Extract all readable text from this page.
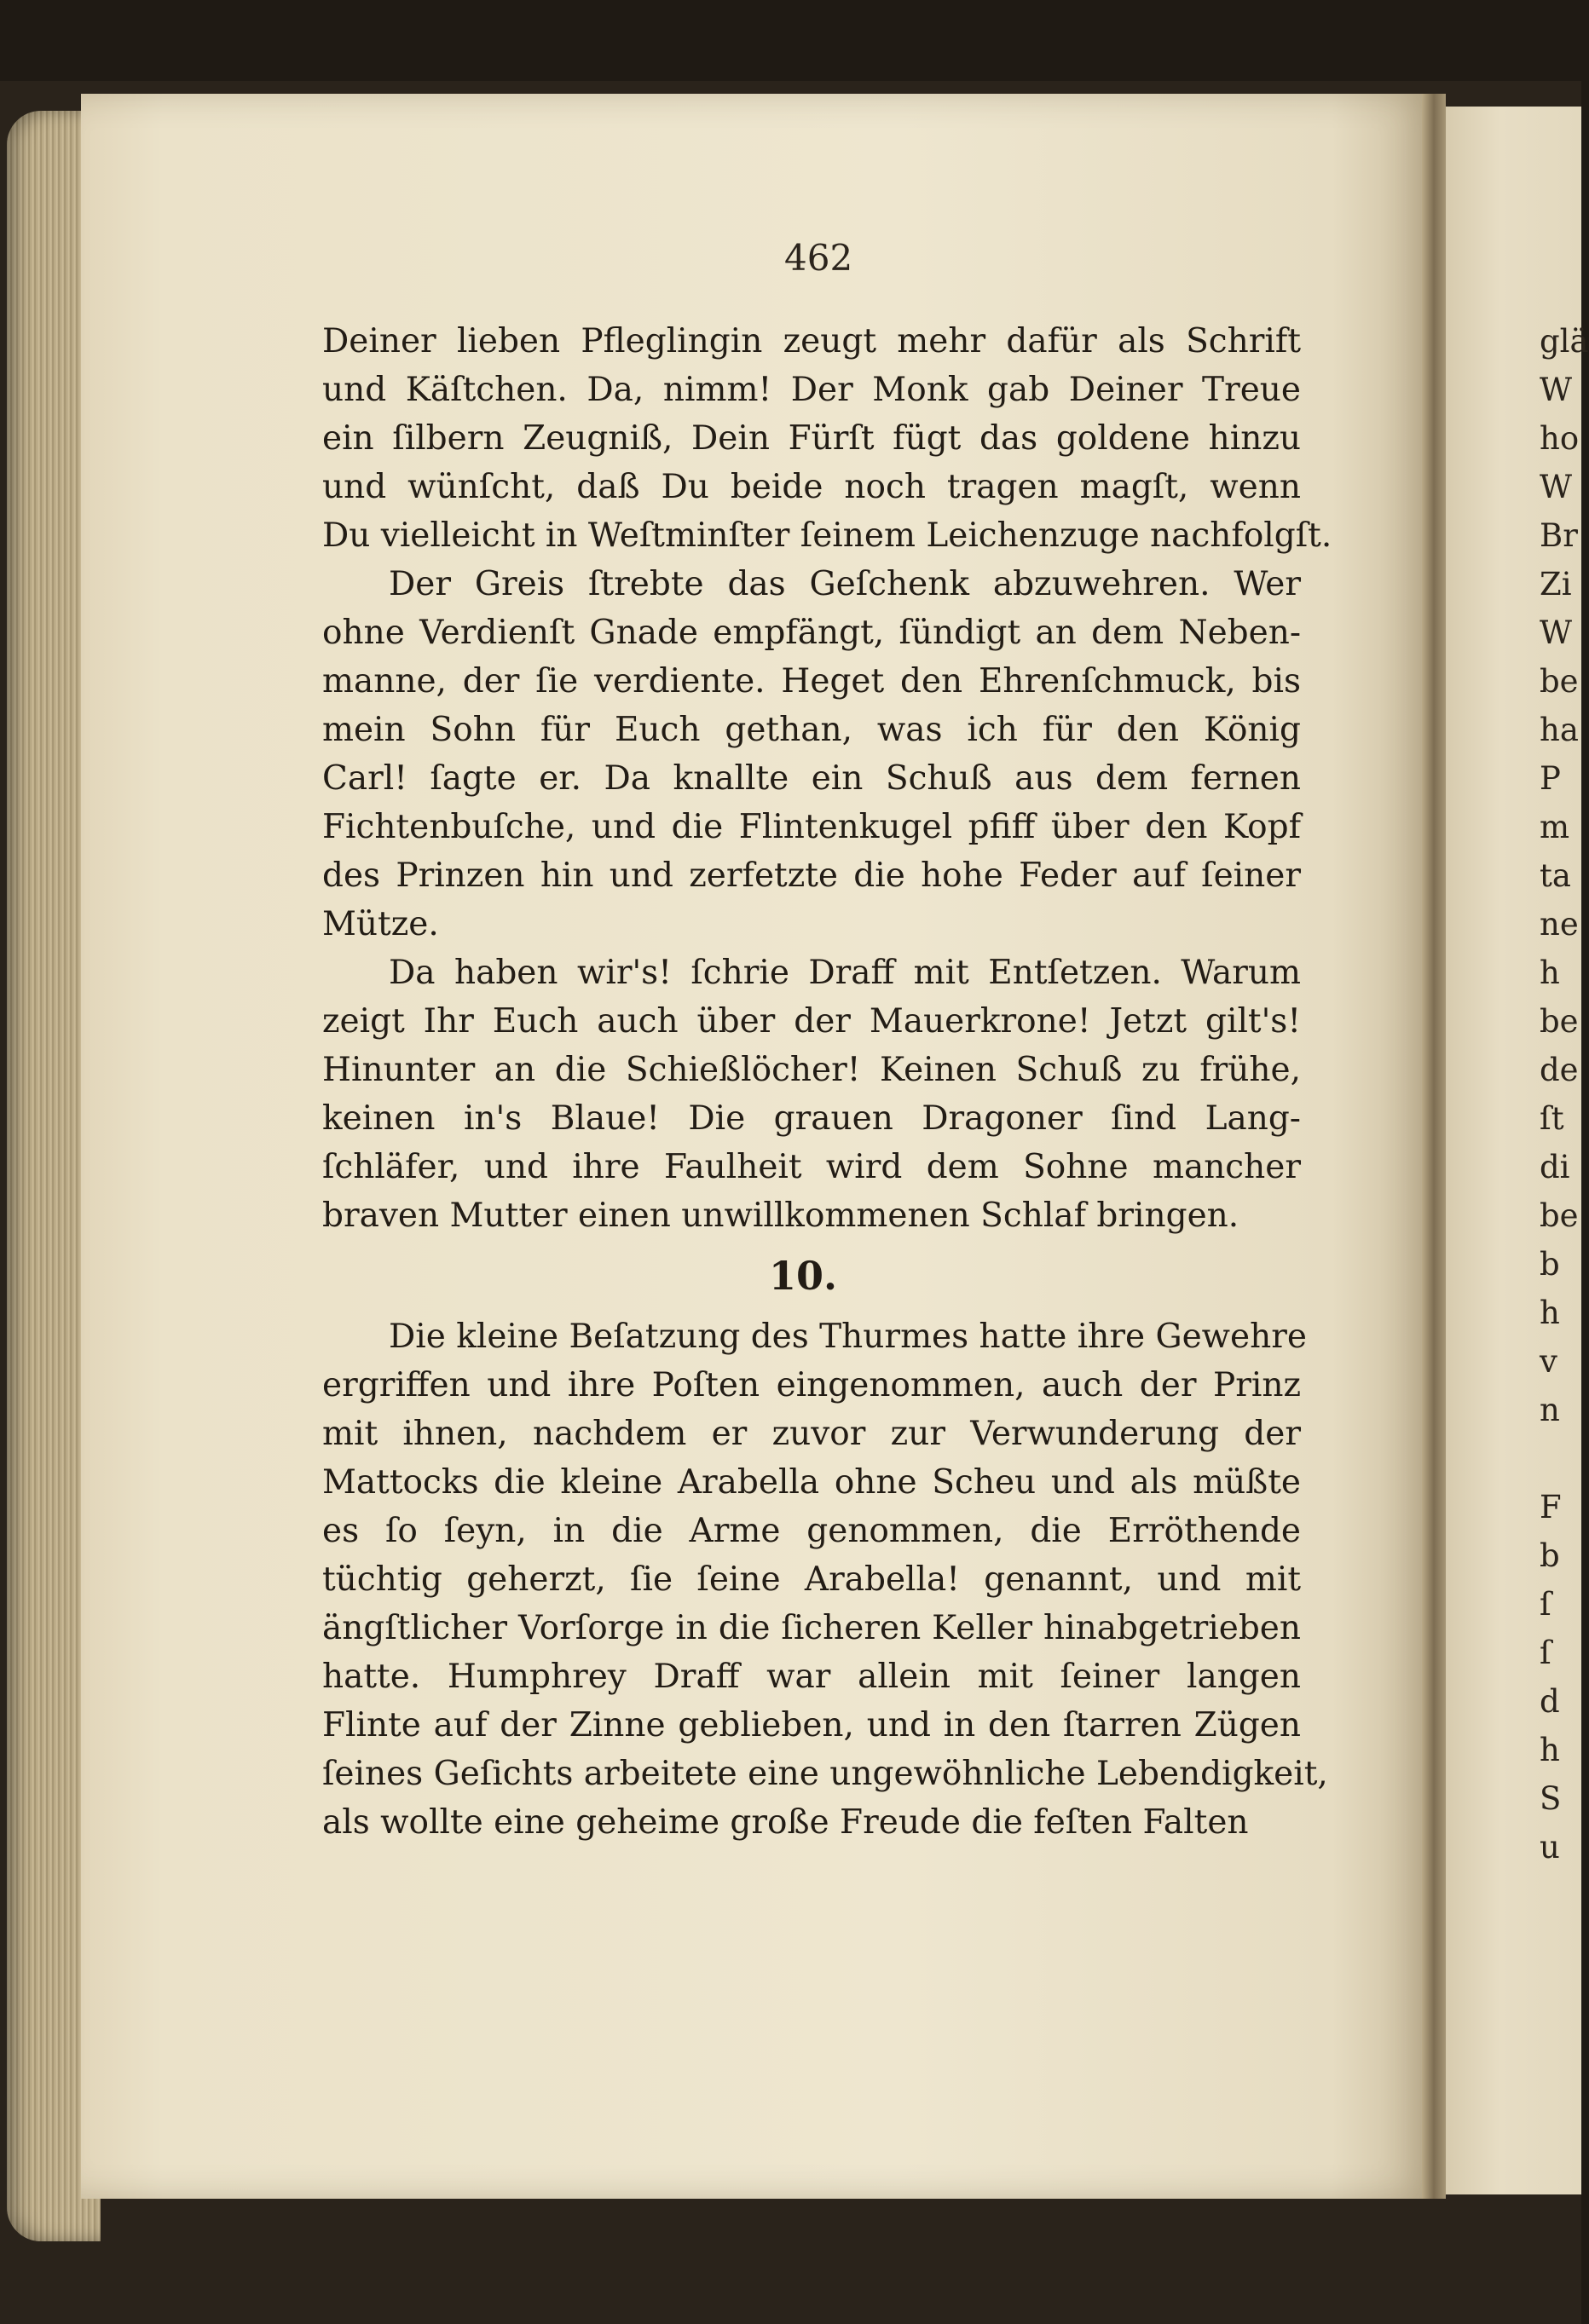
462
Deiner lieben Pfleglingin zeugt mehr dafür als Schrift
und Käſtchen. Da, nimm! Der Monk gab Deiner Treue
ein ſilbern Zeugniß, Dein Fürſt fügt das goldene hinzu
und wünſcht, daß Du beide noch tragen magſt, wenn
Du vielleicht in Weſtminſter ſeinem Leichenzuge nachfolgſt.
Der Greis ſtrebte das Geſchenk abzuwehren. Wer
ohne Verdienſt Gnade empfängt, ſündigt an dem Neben-
manne, der ſie verdiente. Heget den Ehrenſchmuck, bis
mein Sohn für Euch gethan, was ich für den König
Carl! ſagte er. Da knallte ein Schuß aus dem fernen
Fichtenbuſche, und die Flintenkugel pfiff über den Kopf
des Prinzen hin und zerfetzte die hohe Feder auf ſeiner
Mütze.
Da haben wir's! ſchrie Draff mit Entſetzen. Warum
zeigt Ihr Euch auch über der Mauerkrone! Jetzt gilt's!
Hinunter an die Schießlöcher! Keinen Schuß zu frühe,
keinen in's Blaue! Die grauen Dragoner ſind Lang-
ſchläfer, und ihre Faulheit wird dem Sohne mancher
braven Mutter einen unwillkommenen Schlaf bringen.
10.
Die kleine Beſatzung des Thurmes hatte ihre Gewehre
ergriffen und ihre Poſten eingenommen, auch der Prinz
mit ihnen, nachdem er zuvor zur Verwunderung der
Mattocks die kleine Arabella ohne Scheu und als müßte
es ſo ſeyn, in die Arme genommen, die Erröthende
tüchtig geherzt, ſie ſeine Arabella! genannt, und mit
ängſtlicher Vorſorge in die ſicheren Keller hinabgetrieben
hatte. Humphrey Draff war allein mit ſeiner langen
Flinte auf der Zinne geblieben, und in den ſtarren Zügen
ſeines Geſichts arbeitete eine ungewöhnliche Lebendigkeit,
als wollte eine geheime große Freude die feſten Falten
glä
W
ho
W
Br
Zi
W
be
ha
P
m
ta
ne
h
be
de
ſt
di
be
b
h
v
n
F
b
ſ
ſ
d
h
S
u
